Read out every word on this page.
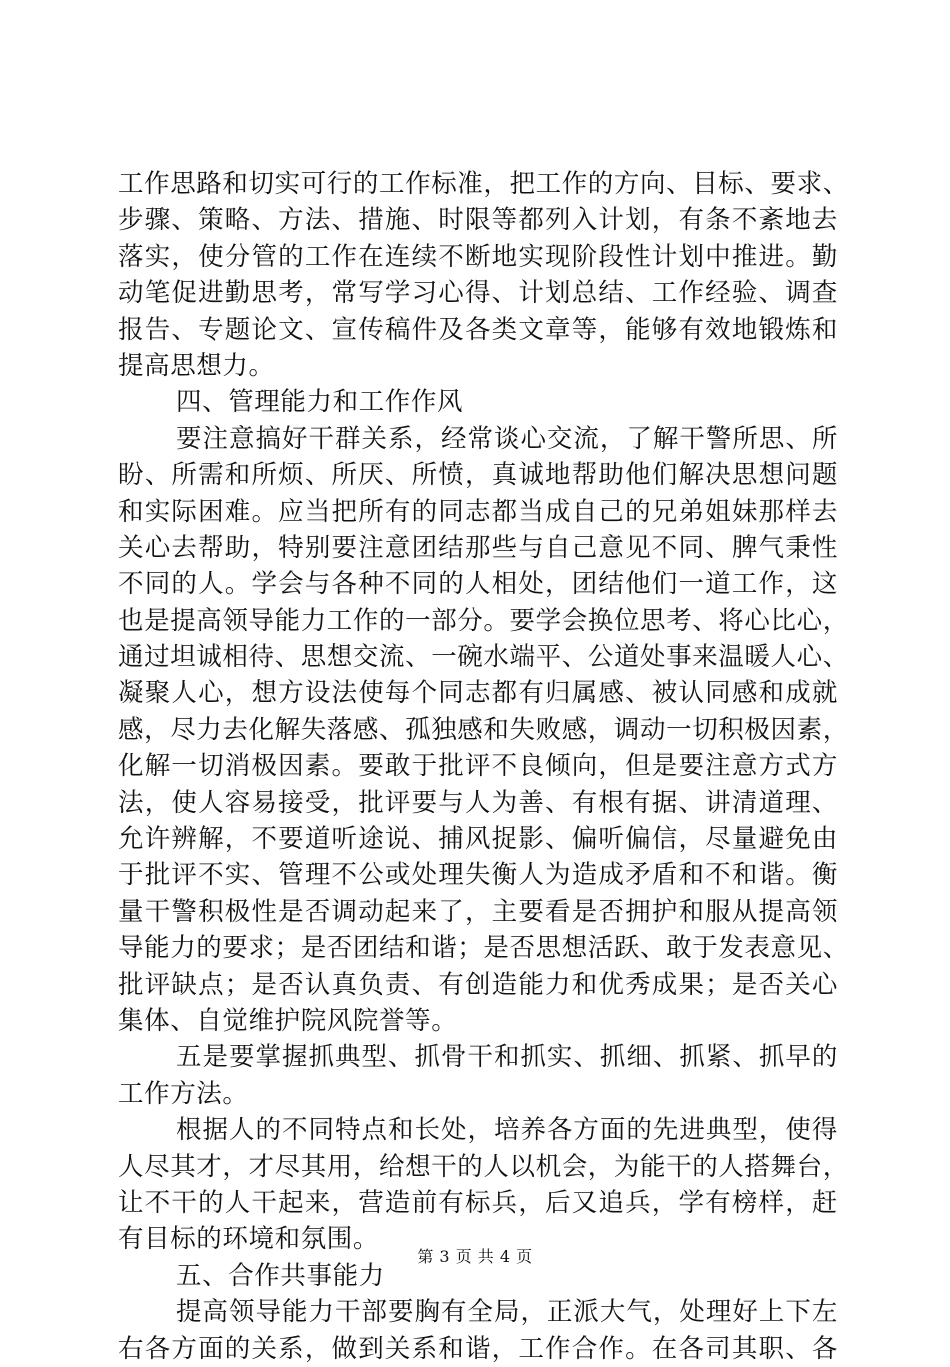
工作思路和切实可行的工作标准，把工作的方向、目标、要求、
步骤、策略、方法、措施、时限等都列入计划，有条不紊地去
落实，使分管的工作在连续不断地实现阶段性计划中推进。勤
动笔促进勤思考，常写学习心得、计划总结、工作经验、调查
报告、专题论文、宣传稿件及各类文章等，能够有效地锻炼和
提高思想力。
四、管理能力和工作作风
要注意搞好干群关系，经常谈心交流，了解干警所思、所
盼、所需和所烦、所厌、所愤，真诚地帮助他们解决思想问题
和实际困难。应当把所有的同志都当成自己的兄弟姐妹那样去
关心去帮助，特别要注意团结那些与自己意见不同、脾气秉性
不同的人。学会与各种不同的人相处，团结他们一道工作，这
也是提高领导能力工作的一部分。要学会换位思考、将心比心，
通过坦诚相待、思想交流、一碗水端平、公道处事来温暖人心、
凝聚人心，想方设法使每个同志都有归属感、被认同感和成就
感，尽力去化解失落感、孤独感和失败感，调动一切积极因素，
化解一切消极因素。要敢于批评不良倾向，但是要注意方式方
法，使人容易接受，批评要与人为善、有根有据、讲清道理、
允许辨解，不要道听途说、捕风捉影、偏听偏信，尽量避免由
于批评不实、管理不公或处理失衡人为造成矛盾和不和谐。衡
量干警积极性是否调动起来了，主要看是否拥护和服从提高领
导能力的要求；是否团结和谐；是否思想活跃、敢于发表意见、
批评缺点；是否认真负责、有创造能力和优秀成果；是否关心
集体、自觉维护院风院誉等。
五是要掌握抓典型、抓骨干和抓实、抓细、抓紧、抓早的
工作方法。
根据人的不同特点和长处，培养各方面的先进典型，使得
人尽其才，才尽其用，给想干的人以机会，为能干的人搭舞台，
让不干的人干起来，营造前有标兵，后又追兵，学有榜样，赶
有目标的环境和氛围。
五、合作共事能力
提高领导能力干部要胸有全局，正派大气，处理好上下左
右各方面的关系，做到关系和谐，工作合作。在各司其职、各
第 3 页 共 4 页
